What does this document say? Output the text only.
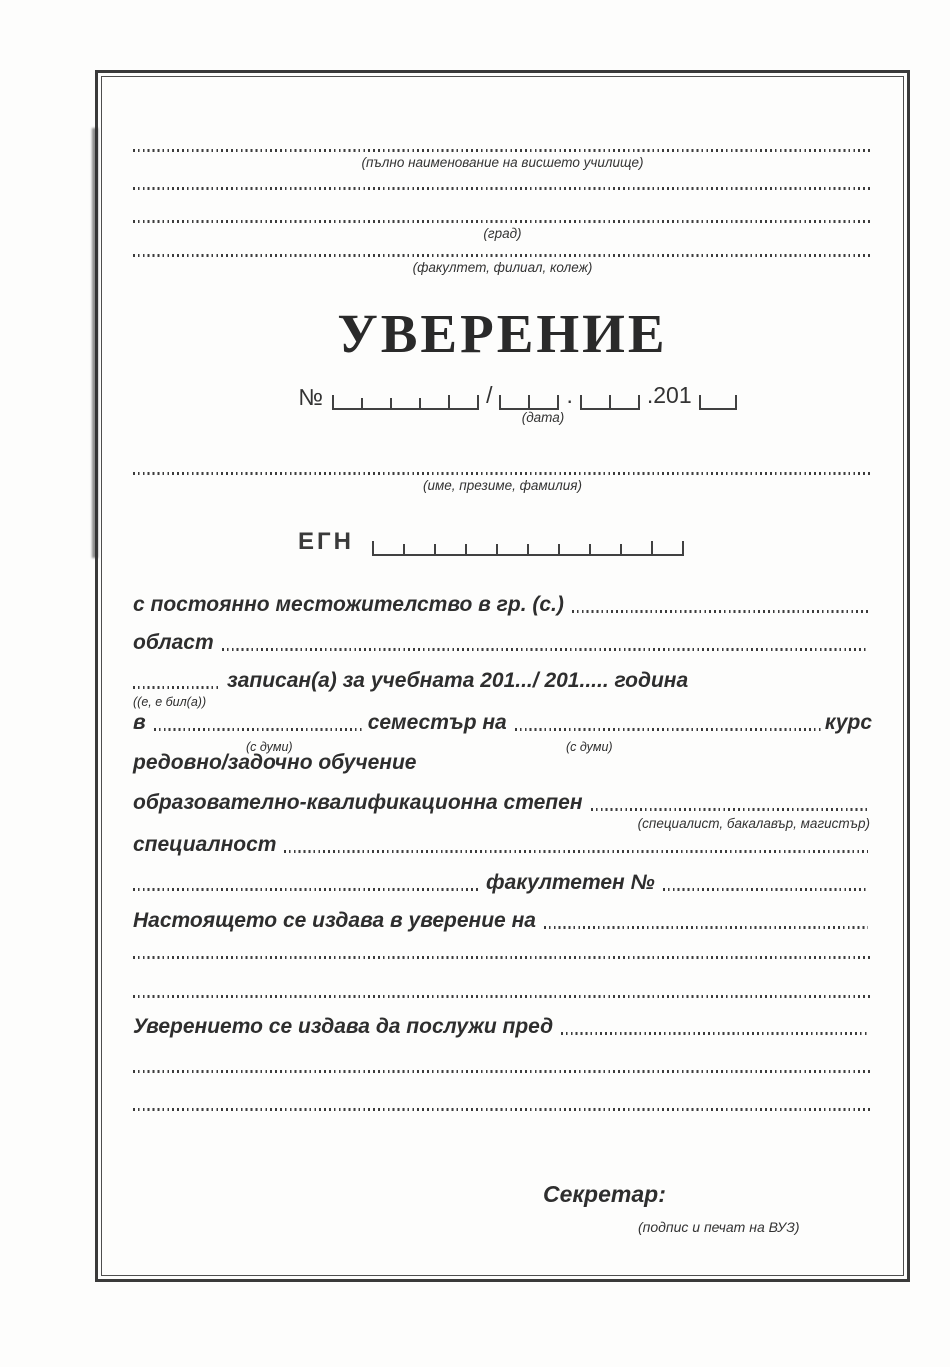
(пълно наименование на висшето училище)
(град)
(факултет, филиал, колеж)
УВЕРЕНИЕ
№	/	.	.201
(дата)
(име, презиме, фамилия)
ЕГН
с постоянно местожителство в гр. (с.)
област
записан(а) за учебната 201.../ 201..... година
((е, е бил(а))
в	семестър на	курс
(с думи)	(с думи)
редовно/задочно обучение
образователно-квалификационна степен
(специалист, бакалавър, магистър)
специалност
факултетен №
Настоящето се издава в уверение на
Уверението се издава да послужи пред
Секретар:
(подпис и печат на ВУЗ)
